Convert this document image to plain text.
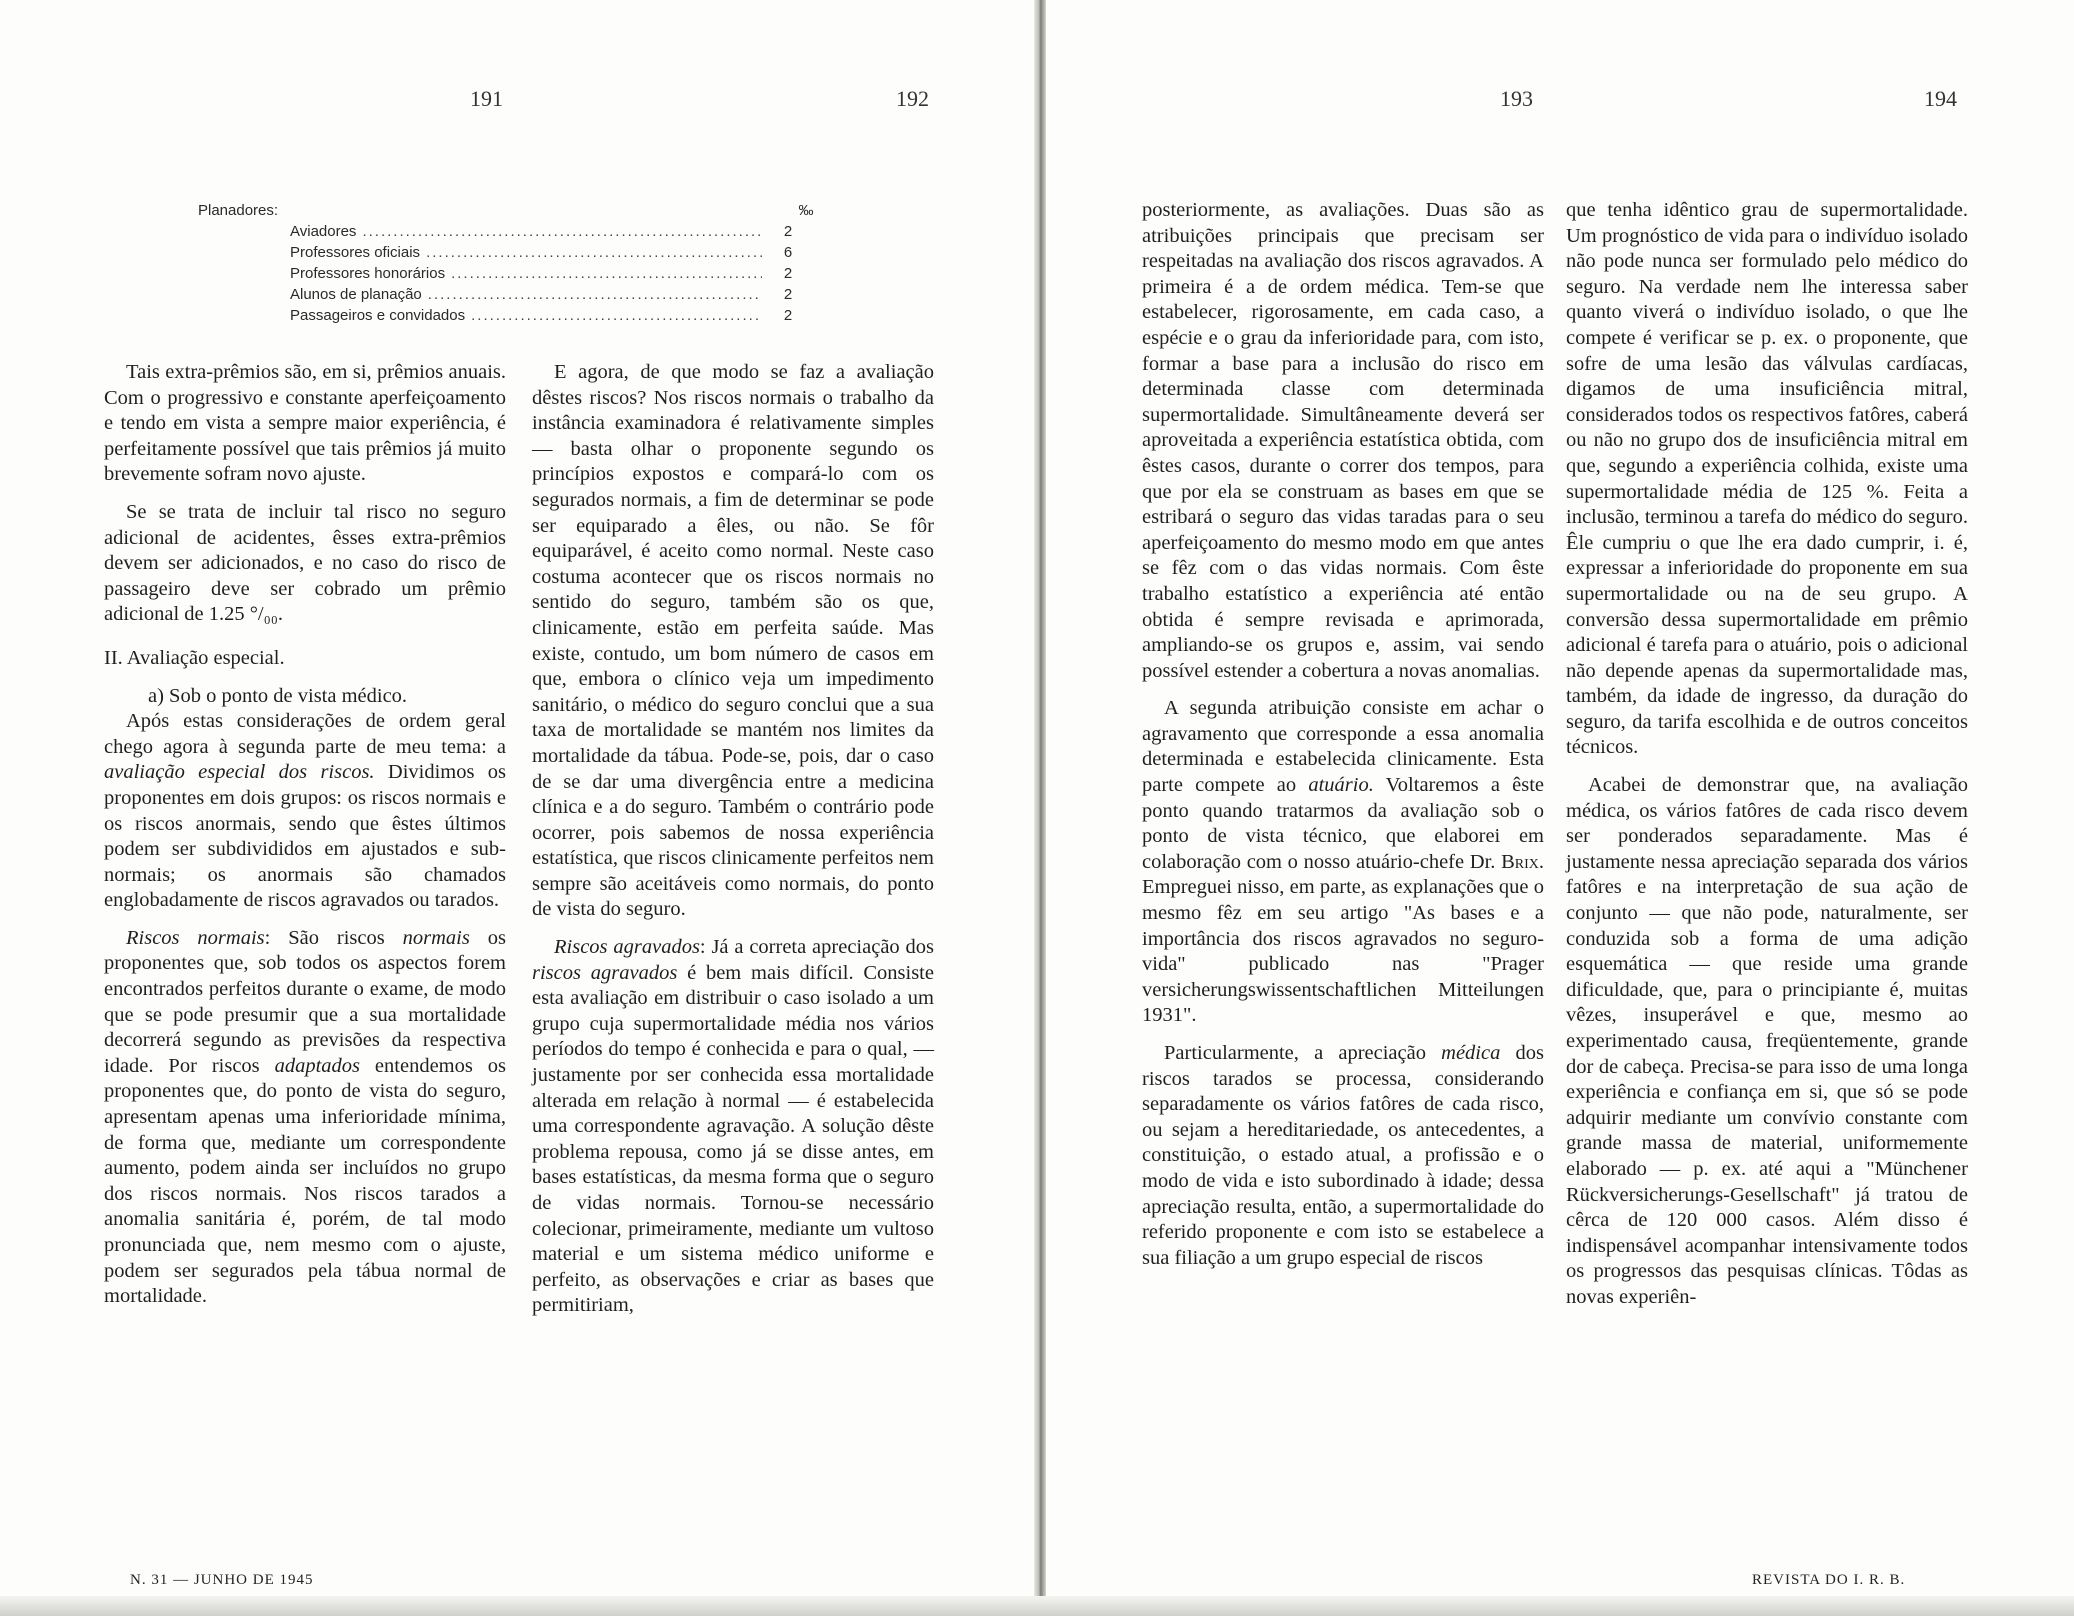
191	192	193	194
Planadores:	‰
Aviadores .....	2
Professores oficiais .....	6
Professores honorários .....	2
Alunos de planação .....	2
Passageiros e convidados .....	2

Tais extra-prêmios são, em si, prêmios anuais. Com o progressivo e constante aperfeiçoamento e tendo em vista a sempre maior experiência, é perfeitamente possível que tais prêmios já muito brevemente sofram novo ajuste.

Se se trata de incluir tal risco no seguro adicional de acidentes, êsses extra-prêmios devem ser adicionados, e no caso do risco de passageiro deve ser cobrado um prêmio adicional de 1.25 °/₀₀.

II. Avaliação especial.

a) Sob o ponto de vista médico.

Após estas considerações de ordem geral chego agora à segunda parte de meu tema: a avaliação especial dos riscos. Dividimos os proponentes em dois grupos: os riscos normais e os riscos anormais, sendo que êstes últimos podem ser subdivididos em ajustados e sub-normais; os anormais são chamados englobadamente de riscos agravados ou tarados.

Riscos normais: São riscos normais os proponentes que, sob todos os aspectos forem encontrados perfeitos durante o exame, de modo que se pode presumir que a sua mortalidade decorrerá segundo as previsões da respectiva idade. Por riscos adaptados entendemos os proponentes que, do ponto de vista do seguro, apresentam apenas uma inferioridade mínima, de forma que, mediante um correspondente aumento, podem ainda ser incluídos no grupo dos riscos normais. Nos riscos tarados a anomalia sanitária é, porém, de tal modo pronunciada que, nem mesmo com o ajuste, podem ser segurados pela tábua normal de mortalidade.

E agora, de que modo se faz a avaliação dêstes riscos? Nos riscos normais o trabalho da instância examinadora é relativamente simples — basta olhar o proponente segundo os princípios expostos e compará-lo com os segurados normais, a fim de determinar se pode ser equiparado a êles, ou não. Se fôr equiparável, é aceito como normal. Neste caso costuma acontecer que os riscos normais no sentido do seguro, também são os que, clinicamente, estão em perfeita saúde. Mas existe, contudo, um bom número de casos em que, embora o clínico veja um impedimento sanitário, o médico do seguro conclui que a sua taxa de mortalidade se mantém nos limites da mortalidade da tábua. Pode-se, pois, dar o caso de se dar uma divergência entre a medicina clínica e a do seguro. Também o contrário pode ocorrer, pois sabemos de nossa experiência estatística, que riscos clinicamente perfeitos nem sempre são aceitáveis como normais, do ponto de vista do seguro.

Riscos agravados: Já a correta apreciação dos riscos agravados é bem mais difícil. Consiste esta avaliação em distribuir o caso isolado a um grupo cuja supermortalidade média nos vários períodos do tempo é conhecida e para o qual, — justamente por ser conhecida essa mortalidade alterada em relação à normal — é estabelecida uma correspondente agravação. A solução dêste problema repousa, como já se disse antes, em bases estatísticas, da mesma forma que o seguro de vidas normais. Tornou-se necessário colecionar, primeiramente, mediante um vultoso material e um sistema médico uniforme e perfeito, as observações e criar as bases que permitiriam,

posteriormente, as avaliações. Duas são as atribuições principais que precisam ser respeitadas na avaliação dos riscos agravados. A primeira é a de ordem médica. Tem-se que estabelecer, rigorosamente, em cada caso, a espécie e o grau da inferioridade para, com isto, formar a base para a inclusão do risco em determinada classe com determinada supermortalidade. Simultâneamente deverá ser aproveitada a experiência estatística obtida, com êstes casos, durante o correr dos tempos, para que por ela se construam as bases em que se estribará o seguro das vidas taradas para o seu aperfeiçoamento do mesmo modo em que antes se fêz com o das vidas normais. Com êste trabalho estatístico a experiência até então obtida é sempre revisada e aprimorada, ampliando-se os grupos e, assim, vai sendo possível estender a cobertura a novas anomalias.

A segunda atribuição consiste em achar o agravamento que corresponde a essa anomalia determinada e estabelecida clinicamente. Esta parte compete ao atuário. Voltaremos a êste ponto quando tratarmos da avaliação sob o ponto de vista técnico, que elaborei em colaboração com o nosso atuário-chefe Dr. Brix. Empreguei nisso, em parte, as explanações que o mesmo fêz em seu artigo "As bases e a importância dos riscos agravados no seguro-vida" publicado nas "Prager versicherungswissentschaftlichen Mitteilungen 1931".

Particularmente, a apreciação médica dos riscos tarados se processa, considerando separadamente os vários fatôres de cada risco, ou sejam a hereditariedade, os antecedentes, a constituição, o estado atual, a profissão e o modo de vida e isto subordinado à idade; dessa apreciação resulta, então, a supermortalidade do referido proponente e com isto se estabelece a sua filiação a um grupo especial de riscos

que tenha idêntico grau de supermortalidade. Um prognóstico de vida para o indivíduo isolado não pode nunca ser formulado pelo médico do seguro. Na verdade nem lhe interessa saber quanto viverá o indivíduo isolado, o que lhe compete é verificar se p. ex. o proponente, que sofre de uma lesão das válvulas cardíacas, digamos de uma insuficiência mitral, considerados todos os respectivos fatôres, caberá ou não no grupo dos de insuficiência mitral em que, segundo a experiência colhida, existe uma supermortalidade média de 125 %. Feita a inclusão, terminou a tarefa do médico do seguro. Êle cumpriu o que lhe era dado cumprir, i. é, expressar a inferioridade do proponente em sua supermortalidade ou na de seu grupo. A conversão dessa supermortalidade em prêmio adicional é tarefa para o atuário, pois o adicional não depende apenas da supermortalidade mas, também, da idade de ingresso, da duração do seguro, da tarifa escolhida e de outros conceitos técnicos.

Acabei de demonstrar que, na avaliação médica, os vários fatôres de cada risco devem ser ponderados separadamente. Mas é justamente nessa apreciação separada dos vários fatôres e na interpretação de sua ação de conjunto — que não pode, naturalmente, ser conduzida sob a forma de uma adição esquemática — que reside uma grande dificuldade, que, para o principiante é, muitas vêzes, insuperável e que, mesmo ao experimentado causa, freqüentemente, grande dor de cabeça. Precisa-se para isso de uma longa experiência e confiança em si, que só se pode adquirir mediante um convívio constante com grande massa de material, uniformemente elaborado — p. ex. até aqui a "Münchener Rückversicherungs-Gesellschaft" já tratou de cêrca de 120 000 casos. Além disso é indispensável acompanhar intensivamente todos os progressos das pesquisas clínicas. Tôdas as novas experiên-

N. 31 — JUNHO DE 1945	REVISTA DO I. R. B.
